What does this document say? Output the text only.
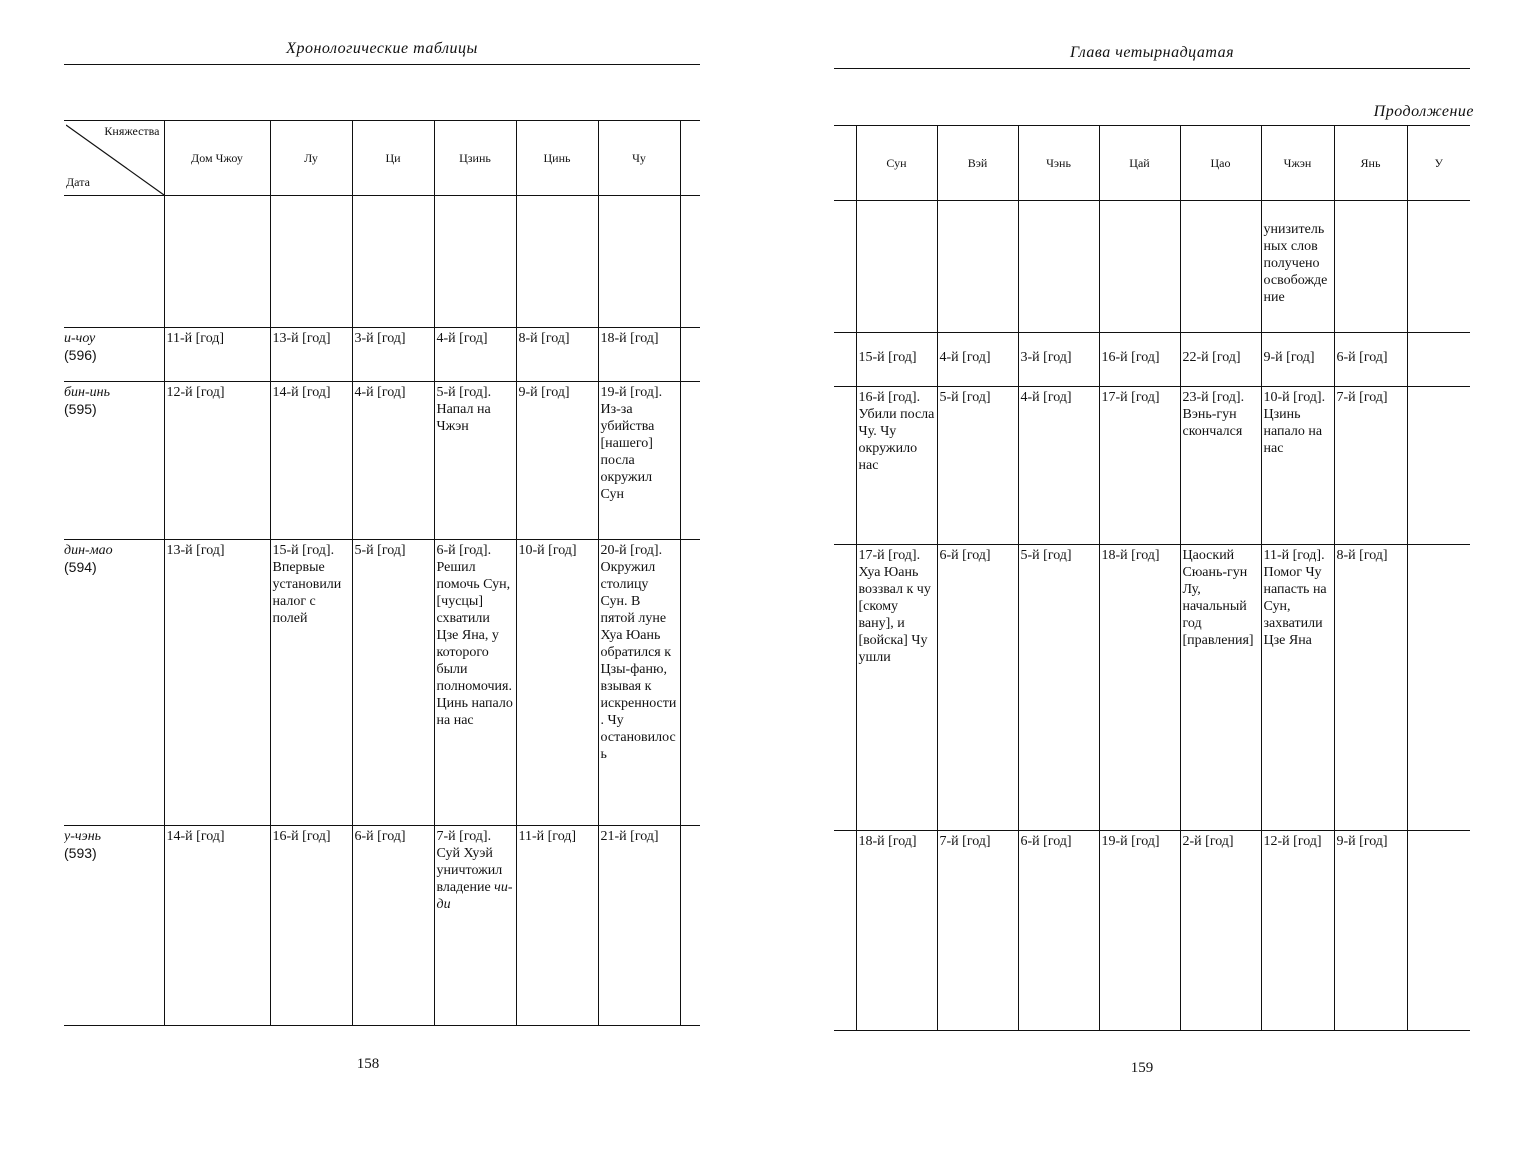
Хронологические таблицы
Княжества
Дата	Дом Чжоу	Лу	Ци	Цзинь	Цинь	Чу	

и-чоу
(596)	11-й [год]	13-й [год]	3-й [год]	4-й [год]	8-й [год]	18-й [год]	

бин-инь
(595)	12-й [год]	14-й [год]	4-й [год]	5-й [год]. Напал на Чжэн	9-й [год]	19-й [год]. Из-за убийства [нашего] посла окружил Сун	

дин-мао
(594)	13-й [год]	15-й [год]. Впервые установили налог с полей	5-й [год]	6-й [год]. Решил помочь Сун, [чусцы] схватили Цзе Яна, у которого были полномочия. Цинь напало на нас	10-й [год]	20-й [год]. Окружил столицу Сун. В пятой луне Хуа Юань обратился к Цзы-фаню, взывая к искренности. Чу остановилось	

у-чэнь
(593)	14-й [год]	16-й [год]	6-й [год]	7-й [год]. Суй Хуэй уничтожил владение чи-ди	11-й [год]	21-й [год]	
158
Глава четырнадцатая
Продолжение
	Сун	Вэй	Чэнь	Цай	Цао	Чжэн	Янь	У
						унизительных слов получено освобождение		
	15-й [год]	4-й [год]	3-й [год]	16-й [год]	22-й [год]	9-й [год]	6-й [год]	
	16-й [год]. Убили посла Чу. Чу окружило нас	5-й [год]	4-й [год]	17-й [год]	23-й [год]. Вэнь-гун скончался	10-й [год]. Цзинь напало на нас	7-й [год]	
	17-й [год]. Хуа Юань воззвал к чу [скому вану], и [войска] Чу ушли	6-й [год]	5-й [год]	18-й [год]	Цаоский Сюань-гун Лу, начальный год [правления]	11-й [год]. Помог Чу напасть на Сун, захватили Цзе Яна	8-й [год]	
	18-й [год]	7-й [год]	6-й [год]	19-й [год]	2-й [год]	12-й [год]	9-й [год]	
159
